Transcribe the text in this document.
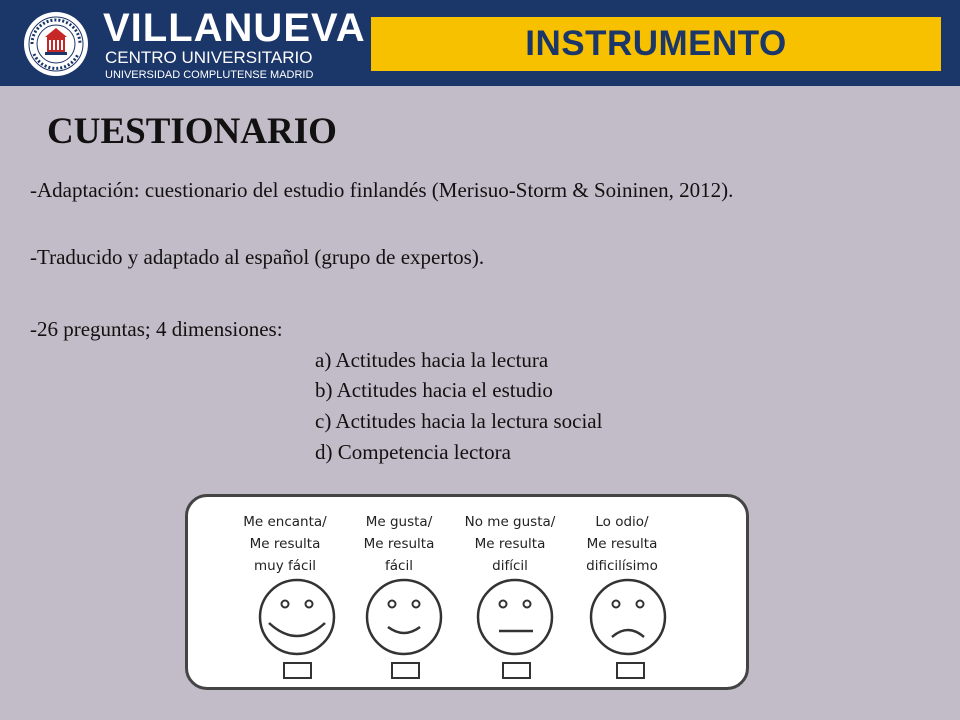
VILLANUEVA
CENTRO UNIVERSITARIO
UNIVERSIDAD COMPLUTENSE MADRID
INSTRUMENTO
CUESTIONARIO
-Adaptación: cuestionario del estudio finlandés (Merisuo-Storm & Soininen, 2012).
-Traducido y adaptado al español (grupo de expertos).
-26 preguntas; 4 dimensiones:
a) Actitudes hacia la lectura
b) Actitudes hacia el estudio
c) Actitudes hacia la lectura social
d) Competencia lectora
Me encanta/
Me resulta
muy fácil
Me gusta/
Me resulta
fácil
No me gusta/
Me resulta
difícil
Lo odio/
Me resulta
dificilísimo
